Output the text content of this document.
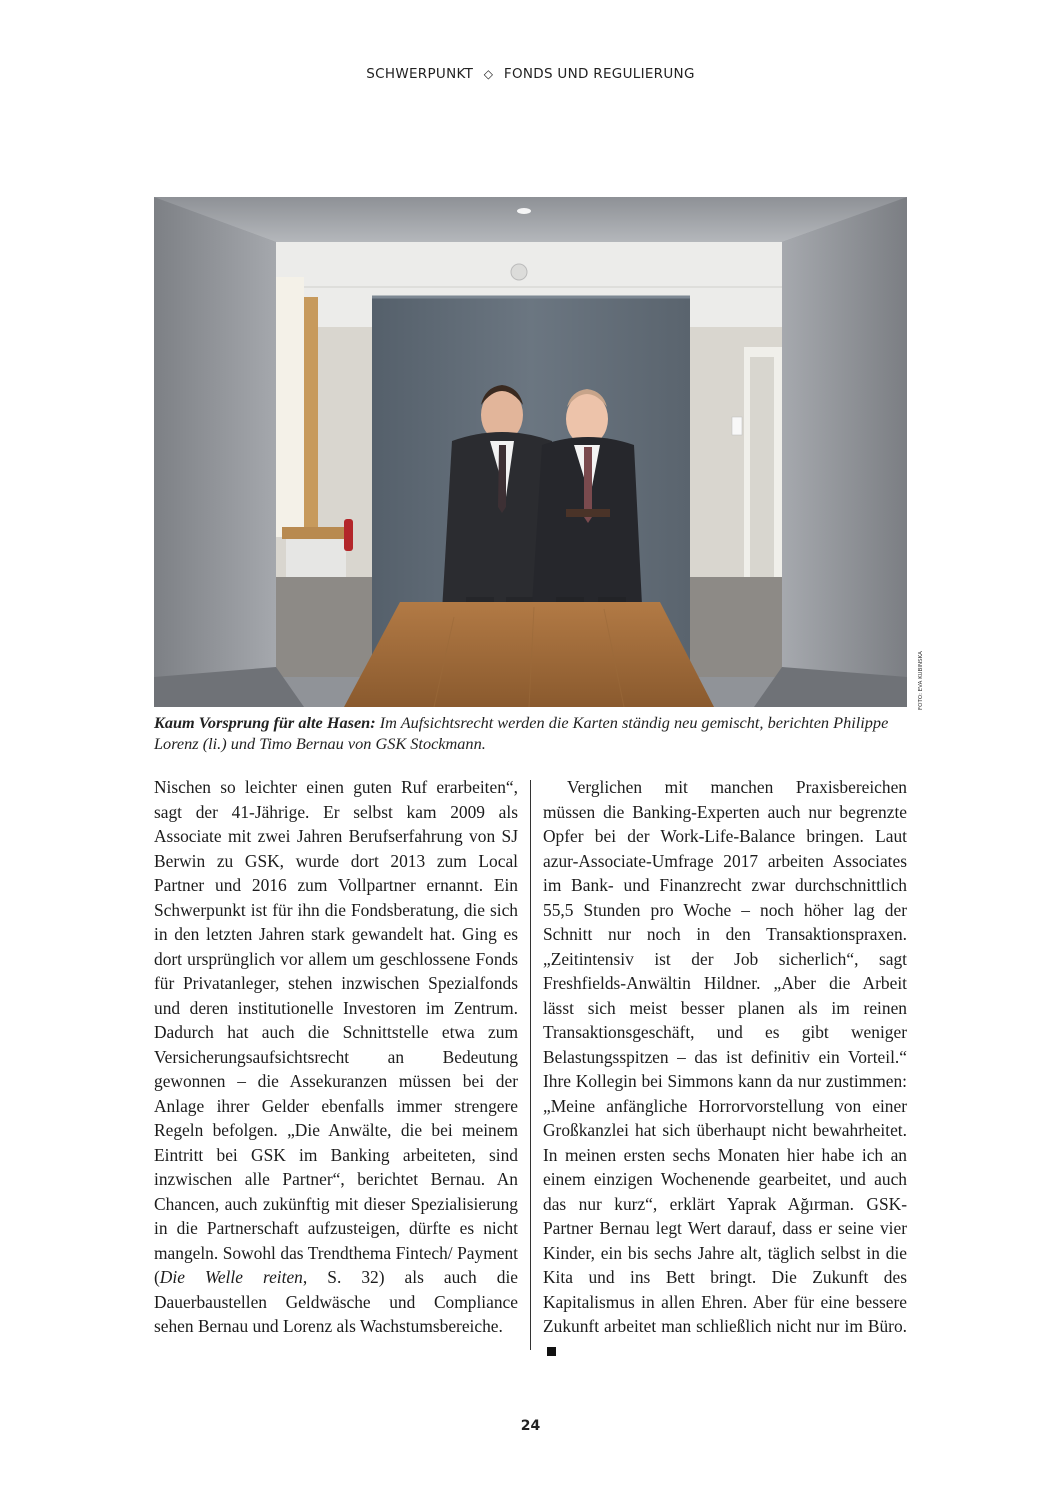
SCHWERPUNKT ◇ FONDS UND REGULIERUNG
FOTO: EVA KUBINSKA
Kaum Vorsprung für alte Hasen: Im Aufsichtsrecht werden die Karten ständig neu gemischt, berichten Philippe Lorenz (li.) und Timo Bernau von GSK Stockmann.

Nischen so leichter einen guten Ruf erarbeiten“, sagt der 41-Jährige. Er selbst kam 2009 als Associate mit zwei Jahren Berufserfahrung von SJ Berwin zu GSK, wurde dort 2013 zum Local Partner und 2016 zum Vollpartner ernannt. Ein Schwerpunkt ist für ihn die Fondsberatung, die sich in den letzten Jahren stark gewandelt hat. Ging es dort ursprünglich vor allem um geschlossene Fonds für Privatanleger, stehen inzwischen Spezialfonds und deren institutionelle Investoren im Zentrum. Dadurch hat auch die Schnittstelle etwa zum Versicherungsaufsichtsrecht an Bedeutung gewonnen – die Assekuranzen müssen bei der Anlage ihrer Gelder ebenfalls immer strengere Regeln befolgen. „Die Anwälte, die bei meinem Eintritt bei GSK im Banking arbeiteten, sind inzwischen alle Partner“, berichtet Bernau. An Chancen, auch zukünftig mit dieser Spezialisierung in die Partnerschaft aufzusteigen, dürfte es nicht mangeln. Sowohl das Trendthema Fintech/ Payment (Die Welle reiten, S. 32) als auch die Dauerbaustellen Geldwäsche und Compliance sehen Bernau und Lorenz als Wachstumsbereiche.

Verglichen mit manchen Praxisbereichen müssen die Banking-Experten auch nur begrenzte Opfer bei der Work-Life-Balance bringen. Laut azur-Associate-Umfrage 2017 arbeiten Associates im Bank- und Finanzrecht zwar durchschnittlich 55,5 Stunden pro Woche – noch höher lag der Schnitt nur noch in den Transaktionspraxen. „Zeitintensiv ist der Job sicherlich“, sagt Freshfields-Anwältin Hildner. „Aber die Arbeit lässt sich meist besser planen als im reinen Transaktionsgeschäft, und es gibt weniger Belastungsspitzen – das ist definitiv ein Vorteil.“ Ihre Kollegin bei Simmons kann da nur zustimmen: „Meine anfängliche Horrorvorstellung von einer Großkanzlei hat sich überhaupt nicht bewahrheitet. In meinen ersten sechs Monaten hier habe ich an einem einzigen Wochenende gearbeitet, und auch das nur kurz“, erklärt Yaprak Ağırman. GSK-Partner Bernau legt Wert darauf, dass er seine vier Kinder, ein bis sechs Jahre alt, täglich selbst in die Kita und ins Bett bringt. Die Zukunft des Kapitalismus in allen Ehren. Aber für eine bessere Zukunft arbeitet man schließlich nicht nur im Büro.

24
